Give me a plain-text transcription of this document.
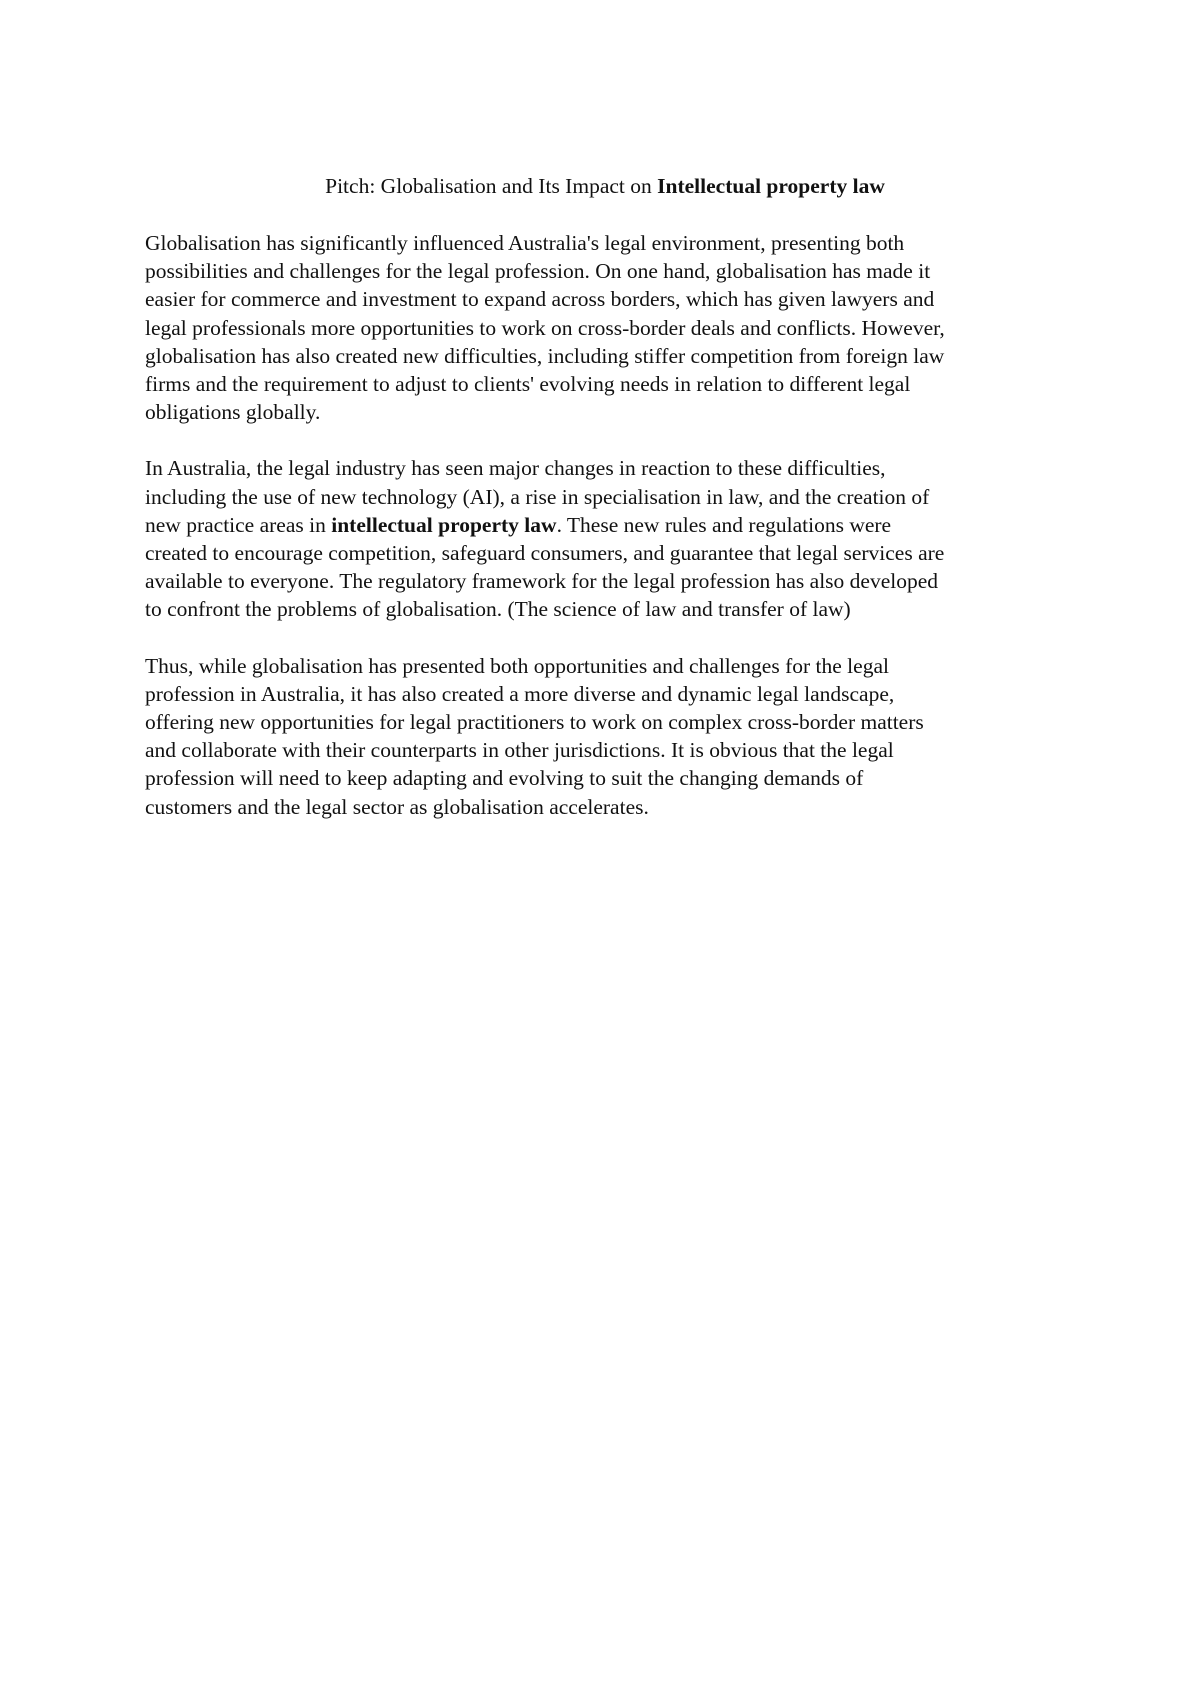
Pitch: Globalisation and Its Impact on Intellectual property law
Globalisation has significantly influenced Australia's legal environment, presenting both
possibilities and challenges for the legal profession. On one hand, globalisation has made it
easier for commerce and investment to expand across borders, which has given lawyers and
legal professionals more opportunities to work on cross-border deals and conflicts. However,
globalisation has also created new difficulties, including stiffer competition from foreign law
firms and the requirement to adjust to clients' evolving needs in relation to different legal
obligations globally.
In Australia, the legal industry has seen major changes in reaction to these difficulties,
including the use of new technology (AI), a rise in specialisation in law, and the creation of
new practice areas in intellectual property law. These new rules and regulations were
created to encourage competition, safeguard consumers, and guarantee that legal services are
available to everyone. The regulatory framework for the legal profession has also developed
to confront the problems of globalisation. (The science of law and transfer of law)
Thus, while globalisation has presented both opportunities and challenges for the legal
profession in Australia, it has also created a more diverse and dynamic legal landscape,
offering new opportunities for legal practitioners to work on complex cross-border matters
and collaborate with their counterparts in other jurisdictions. It is obvious that the legal
profession will need to keep adapting and evolving to suit the changing demands of
customers and the legal sector as globalisation accelerates.
